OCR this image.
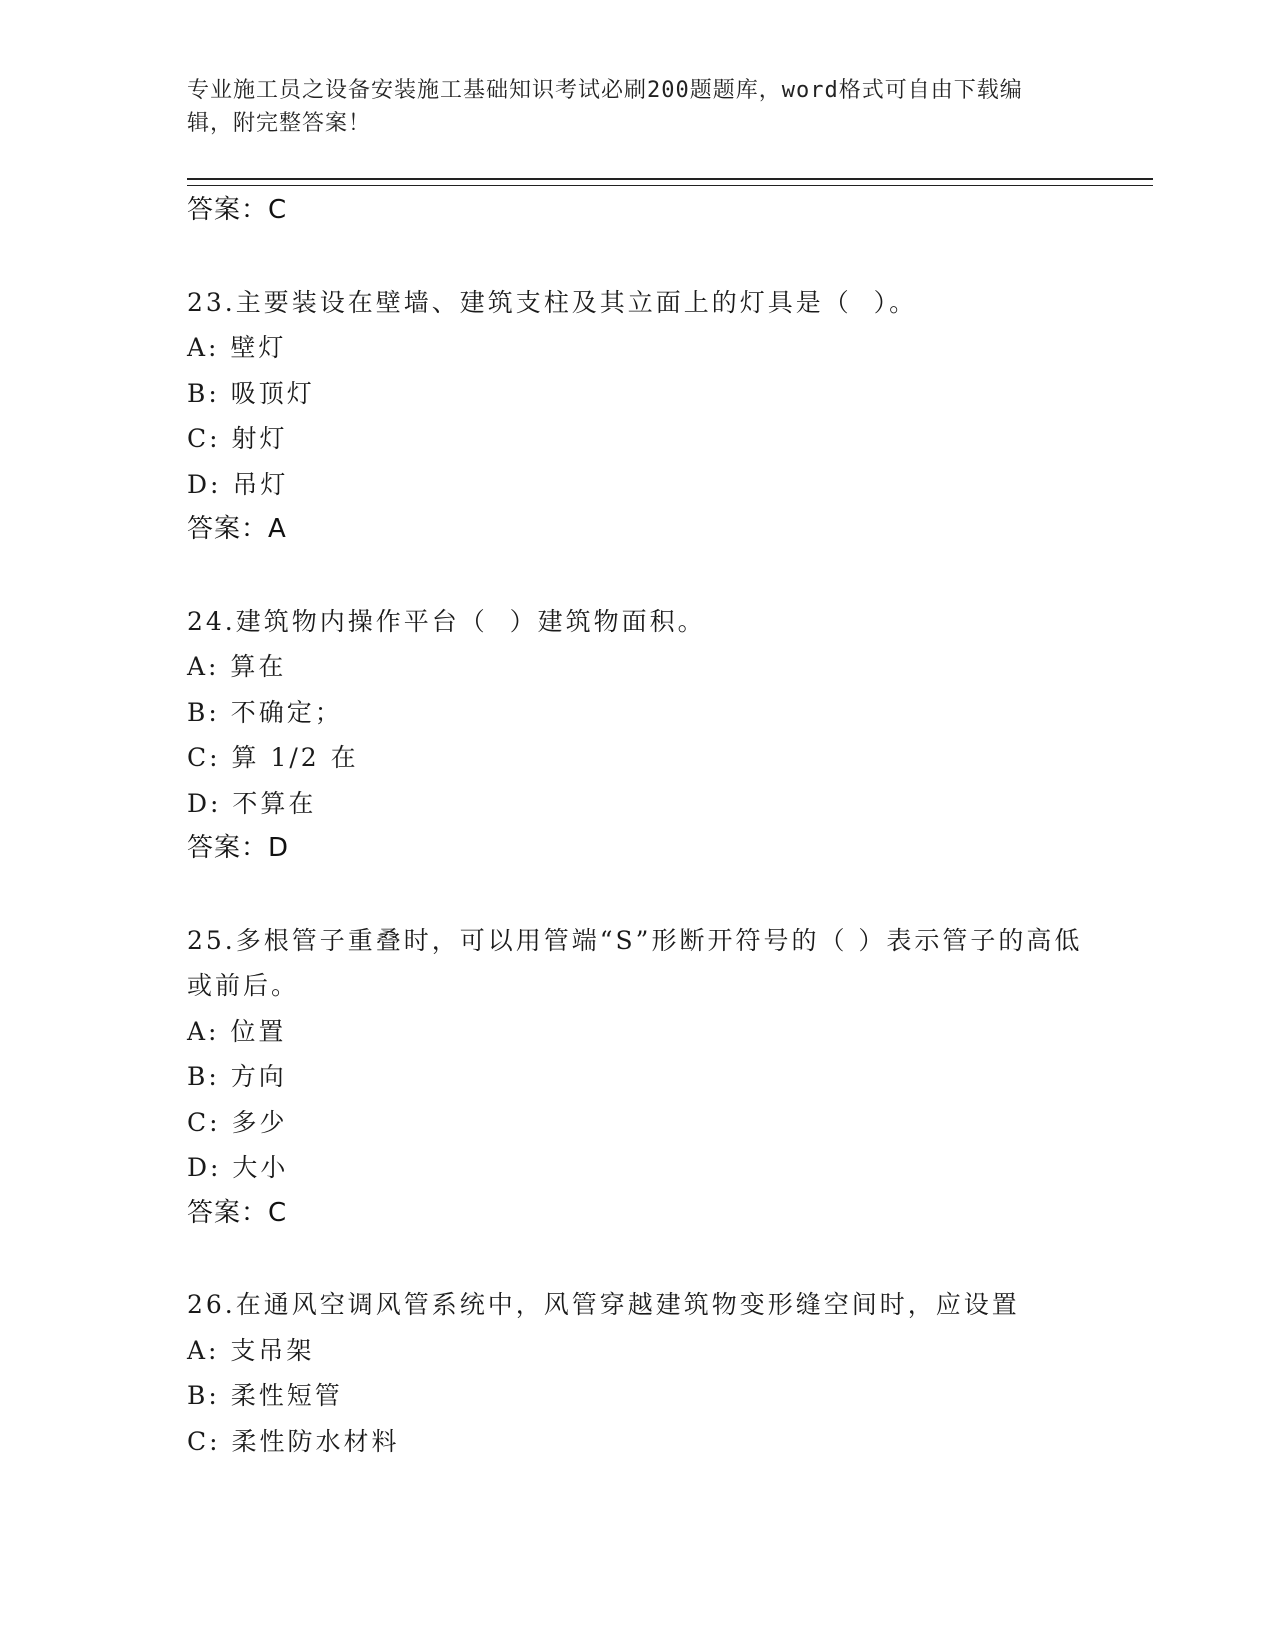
专业施工员之设备安装施工基础知识考试必刷200题题库，word格式可自由下载编辑，附完整答案！
答案：C
23.主要装设在壁墙、建筑支柱及其立面上的灯具是（  ）。
A: 壁灯
B: 吸顶灯
C: 射灯
D: 吊灯
答案：A
24.建筑物内操作平台（  ）建筑物面积。
A: 算在
B: 不确定；
C: 算 1/2 在
D: 不算在
答案：D
25.多根管子重叠时，可以用管端“S”形断开符号的（ ）表示管子的高低或前后。
A: 位置
B: 方向
C: 多少
D: 大小
答案：C
26.在通风空调风管系统中，风管穿越建筑物变形缝空间时，应设置
A: 支吊架
B: 柔性短管
C: 柔性防水材料
